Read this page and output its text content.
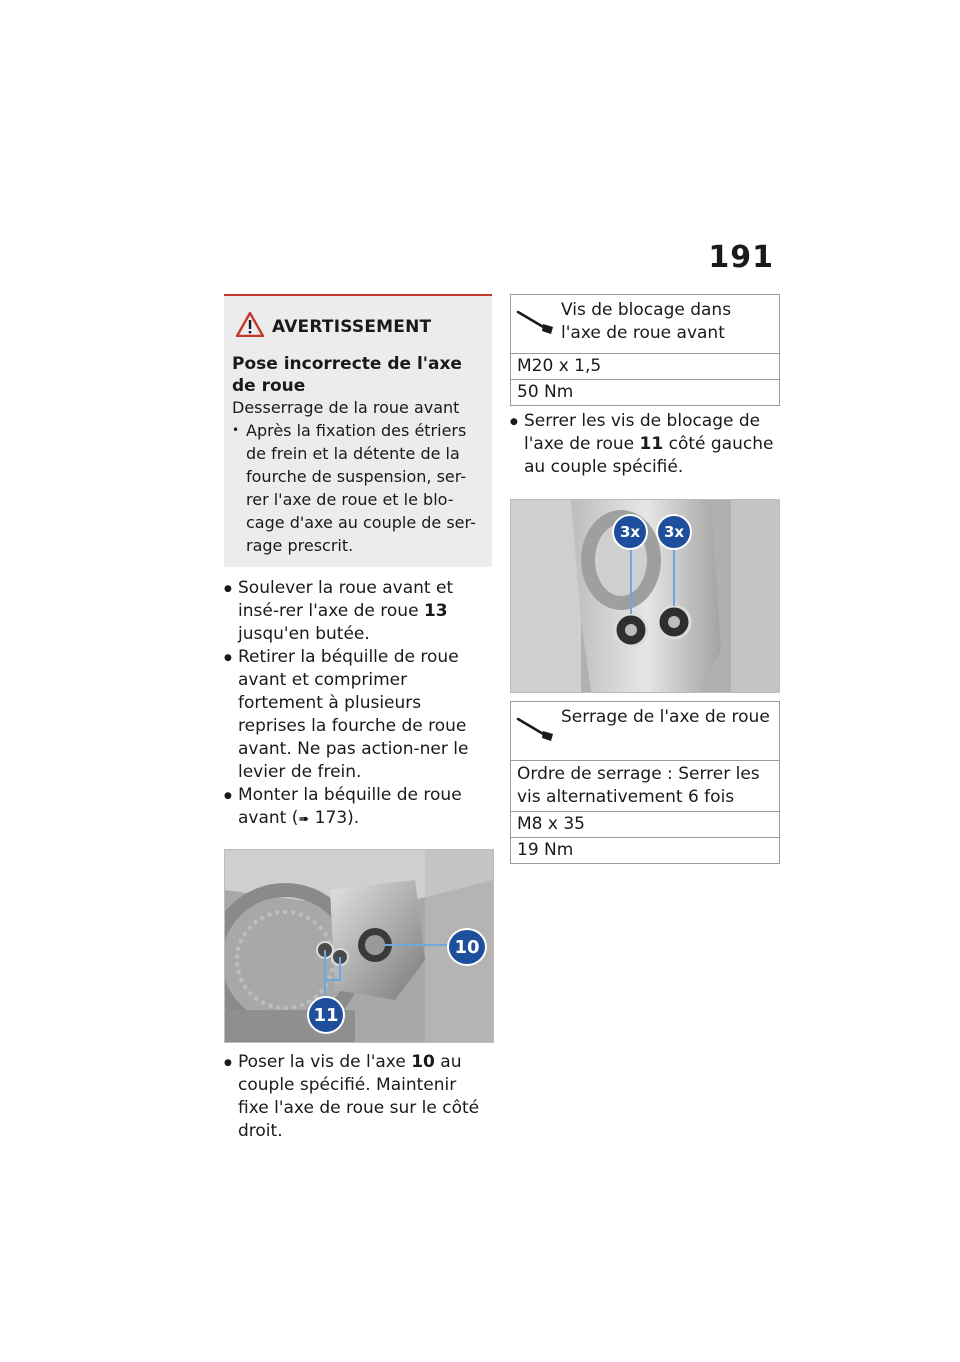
191
AVERTISSEMENT
Pose incorrecte de l'axe de roue
Desserrage de la roue avant
• Après la fixation des étriers de frein et la détente de la fourche de suspension, ser-rer l'axe de roue et le blo-cage d'axe au couple de ser-rage prescrit.
● Soulever la roue avant et insé-rer l'axe de roue 13 jusqu'en butée.
● Retirer la béquille de roue avant et comprimer fortement à plusieurs reprises la fourche de roue avant. Ne pas action-ner le levier de frein.
● Monter la béquille de roue avant (➠ 173).
10
11
● Poser la vis de l'axe 10 au couple spécifié. Maintenir fixe l'axe de roue sur le côté droit.
Vis de blocage dans l'axe de roue avant
M20 x 1,5
50 Nm
● Serrer les vis de blocage de l'axe de roue 11 côté gauche au couple spécifié.
3x	3x
Serrage de l'axe de roue
Ordre de serrage : Serrer les vis alternativement 6 fois
M8 x 35
19 Nm
